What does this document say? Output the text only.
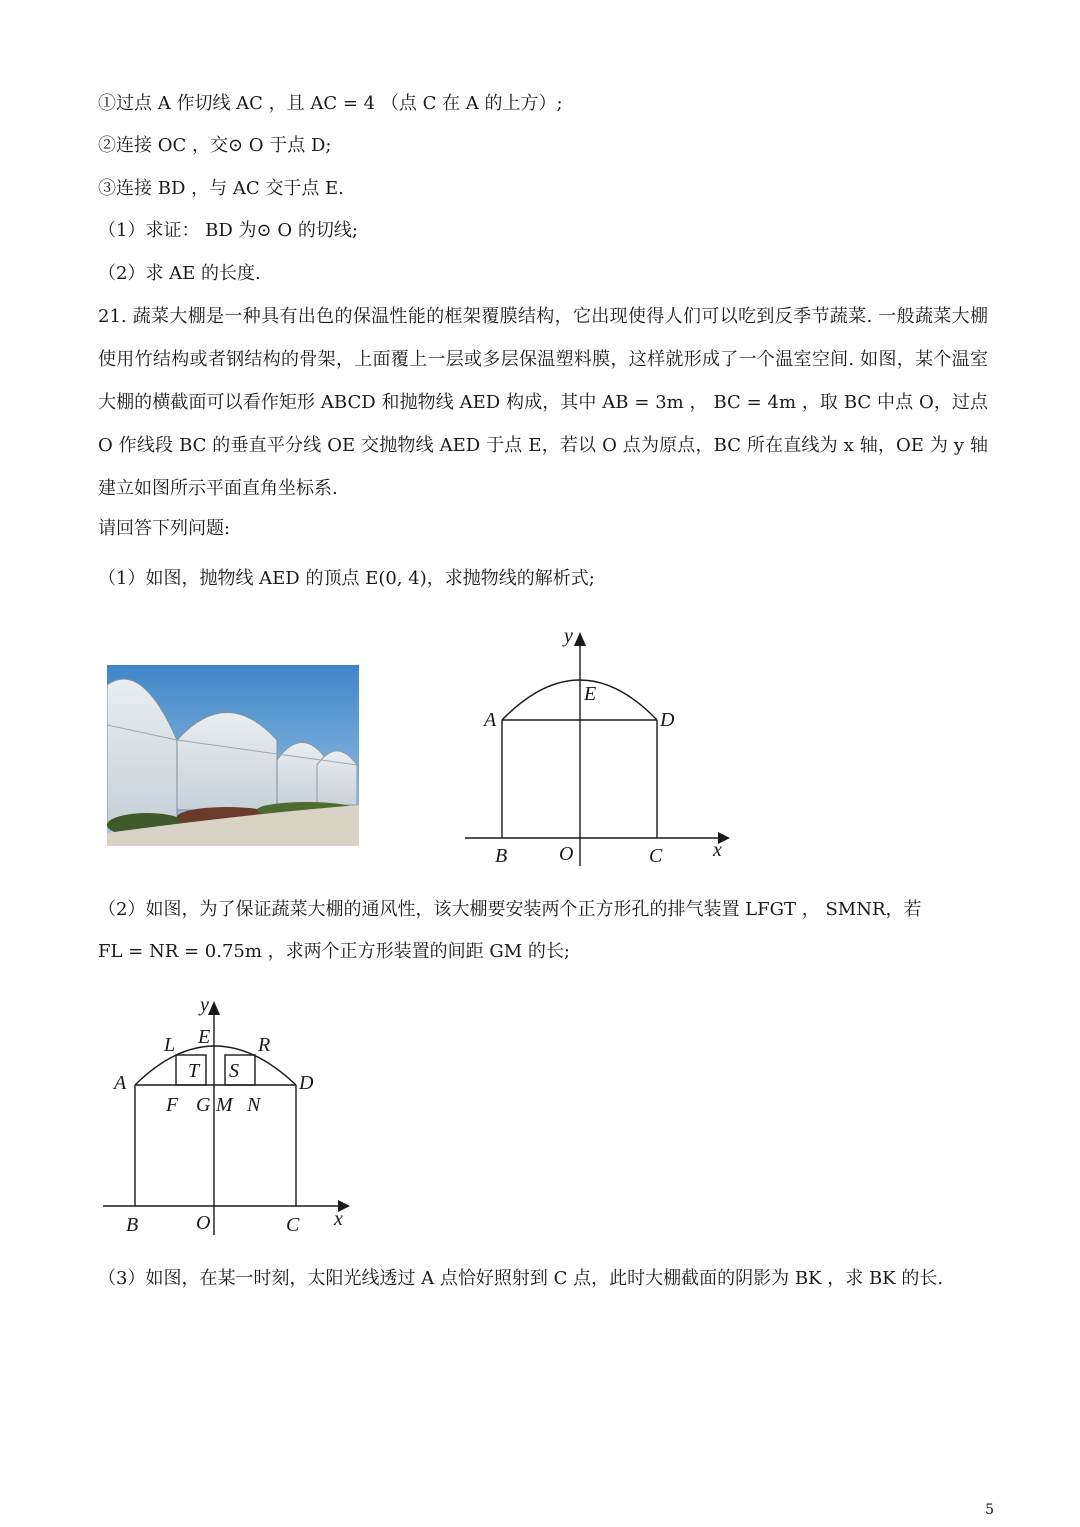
①过点 A 作切线 AC ，且 AC = 4 （点 C 在 A 的上方）;
②连接 OC ，交⊙ O 于点 D;
③连接 BD ，与 AC 交于点 E.
（1）求证： BD 为⊙ O 的切线;
（2）求 AE 的长度.
21. 蔬菜大棚是一种具有出色的保温性能的框架覆膜结构，它出现使得人们可以吃到反季节蔬菜. 一般蔬菜大棚使用竹结构或者钢结构的骨架，上面覆上一层或多层保温塑料膜，这样就形成了一个温室空间. 如图，某个温室大棚的横截面可以看作矩形 ABCD 和抛物线 AED 构成，其中 AB = 3m ， BC = 4m ，取 BC 中点 O，过点 O 作线段 BC 的垂直平分线 OE 交抛物线 AED 于点 E，若以 O 点为原点，BC 所在直线为 x 轴，OE 为 y 轴建立如图所示平面直角坐标系.
请回答下列问题:
（1）如图，抛物线 AED 的顶点 E(0, 4)，求抛物线的解析式;
y
E
A	D
B	O	C	x
（2）如图，为了保证蔬菜大棚的通风性，该大棚要安装两个正方形孔的排气装置 LFGT ， SMNR，若
FL = NR = 0.75m ，求两个正方形装置的间距 GM 的长;
y
E
L	R
T S
A	D
F G M N
B	O	C x
（3）如图，在某一时刻，太阳光线透过 A 点恰好照射到 C 点，此时大棚截面的阴影为 BK ，求 BK 的长.
5
